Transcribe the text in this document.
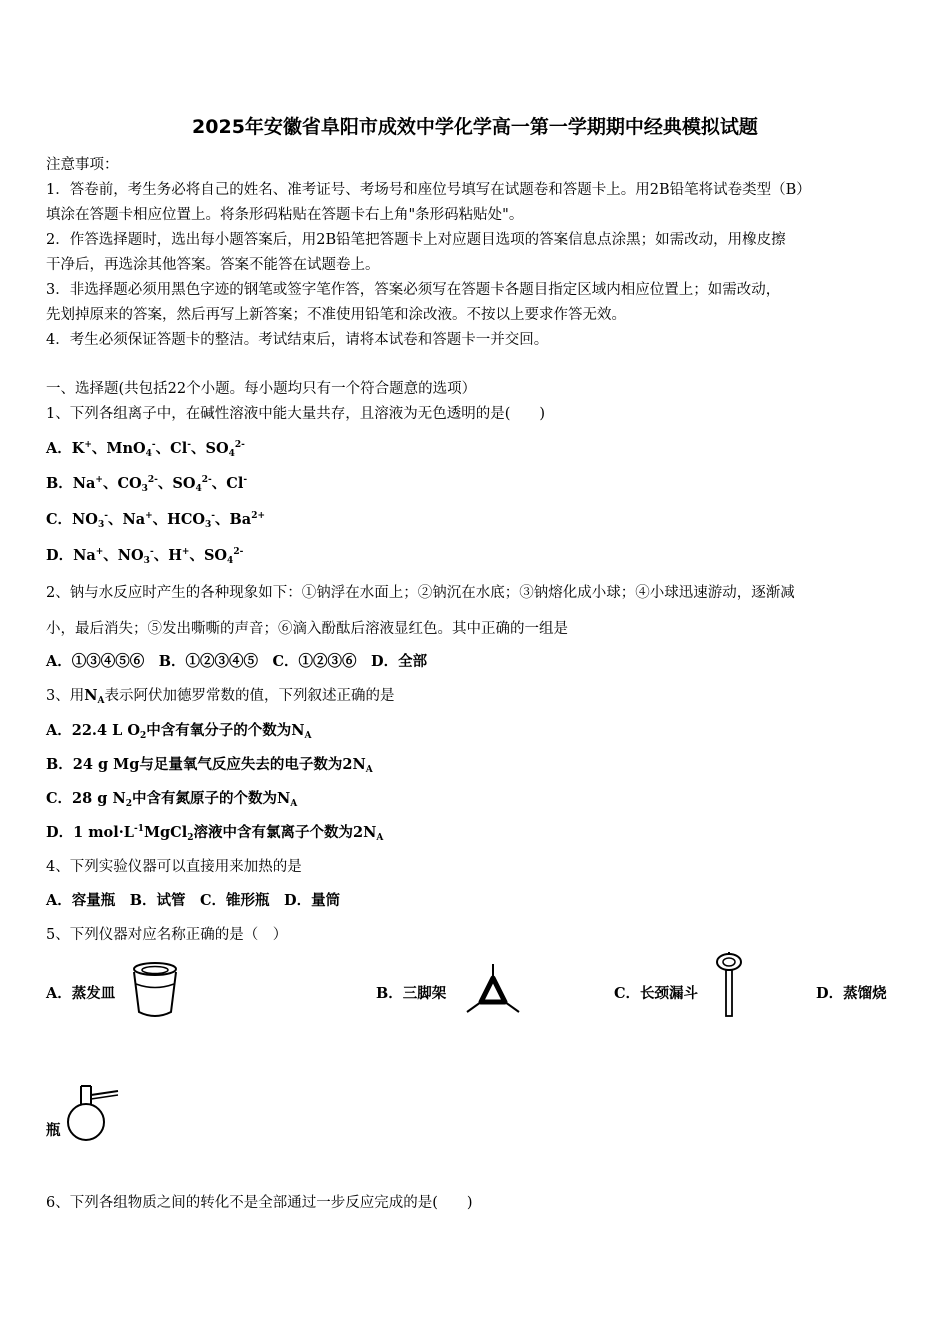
2025年安徽省阜阳市成效中学化学高一第一学期期中经典模拟试题
注意事项：
1．答卷前，考生务必将自己的姓名、准考证号、考场号和座位号填写在试题卷和答题卡上。用2B铅笔将试卷类型（B）
填涂在答题卡相应位置上。将条形码粘贴在答题卡右上角"条形码粘贴处"。
2．作答选择题时，选出每小题答案后，用2B铅笔把答题卡上对应题目选项的答案信息点涂黑；如需改动，用橡皮擦
干净后，再选涂其他答案。答案不能答在试题卷上。
3．非选择题必须用黑色字迹的钢笔或签字笔作答，答案必须写在答题卡各题目指定区域内相应位置上；如需改动，
先划掉原来的答案，然后再写上新答案；不准使用铅笔和涂改液。不按以上要求作答无效。
4．考生必须保证答题卡的整洁。考试结束后，请将本试卷和答题卡一并交回。
一、选择题(共包括22个小题。每小题均只有一个符合题意的选项）
1、下列各组离子中，在碱性溶液中能大量共存，且溶液为无色透明的是(　　)
A．K+、MnO$_4$-、Cl-、$SO_4^{2-}$
B．Na+、$CO_3^{2-}$、$SO_4^{2-}$、Cl-
C．$NO_3^-$、Na+、$HCO_3^-$、$Ba^{2+}$
D．Na+、$NO_3^-$、H+、$SO_4^{2-}$
2、钠与水反应时产生的各种现象如下：①钠浮在水面上；②钠沉在水底；③钠熔化成小球；④小球迅速游动，逐渐减
小，最后消失；⑤发出嘶嘶的声音；⑥滴入酚酞后溶液显红色。其中正确的一组是
A．①③④⑤⑥　B．①②③④⑤　C．①②③⑥　D．全部
3、用$N_A$表示阿伏加德罗常数的值，下列叙述正确的是
A．22.4 L $O_2$中含有氧分子的个数为$N_A$
B．24 g Mg与足量氧气反应失去的电子数为$2N_A$
C．28 g $N_2$中含有氮原子的个数为$N_A$
D．1 $mol\cdot L^{-1}MgCl_2$溶液中含有氯离子个数为$2N_A$
4、下列实验仪器可以直接用来加热的是
A．容量瓶　B．试管　C．锥形瓶　D．量筒
5、下列仪器对应名称正确的是（　）
A．蒸发皿	B．三脚架	C．长颈漏斗	D．蒸馏烧
瓶
6、下列各组物质之间的转化不是全部通过一步反应完成的是(　　)
